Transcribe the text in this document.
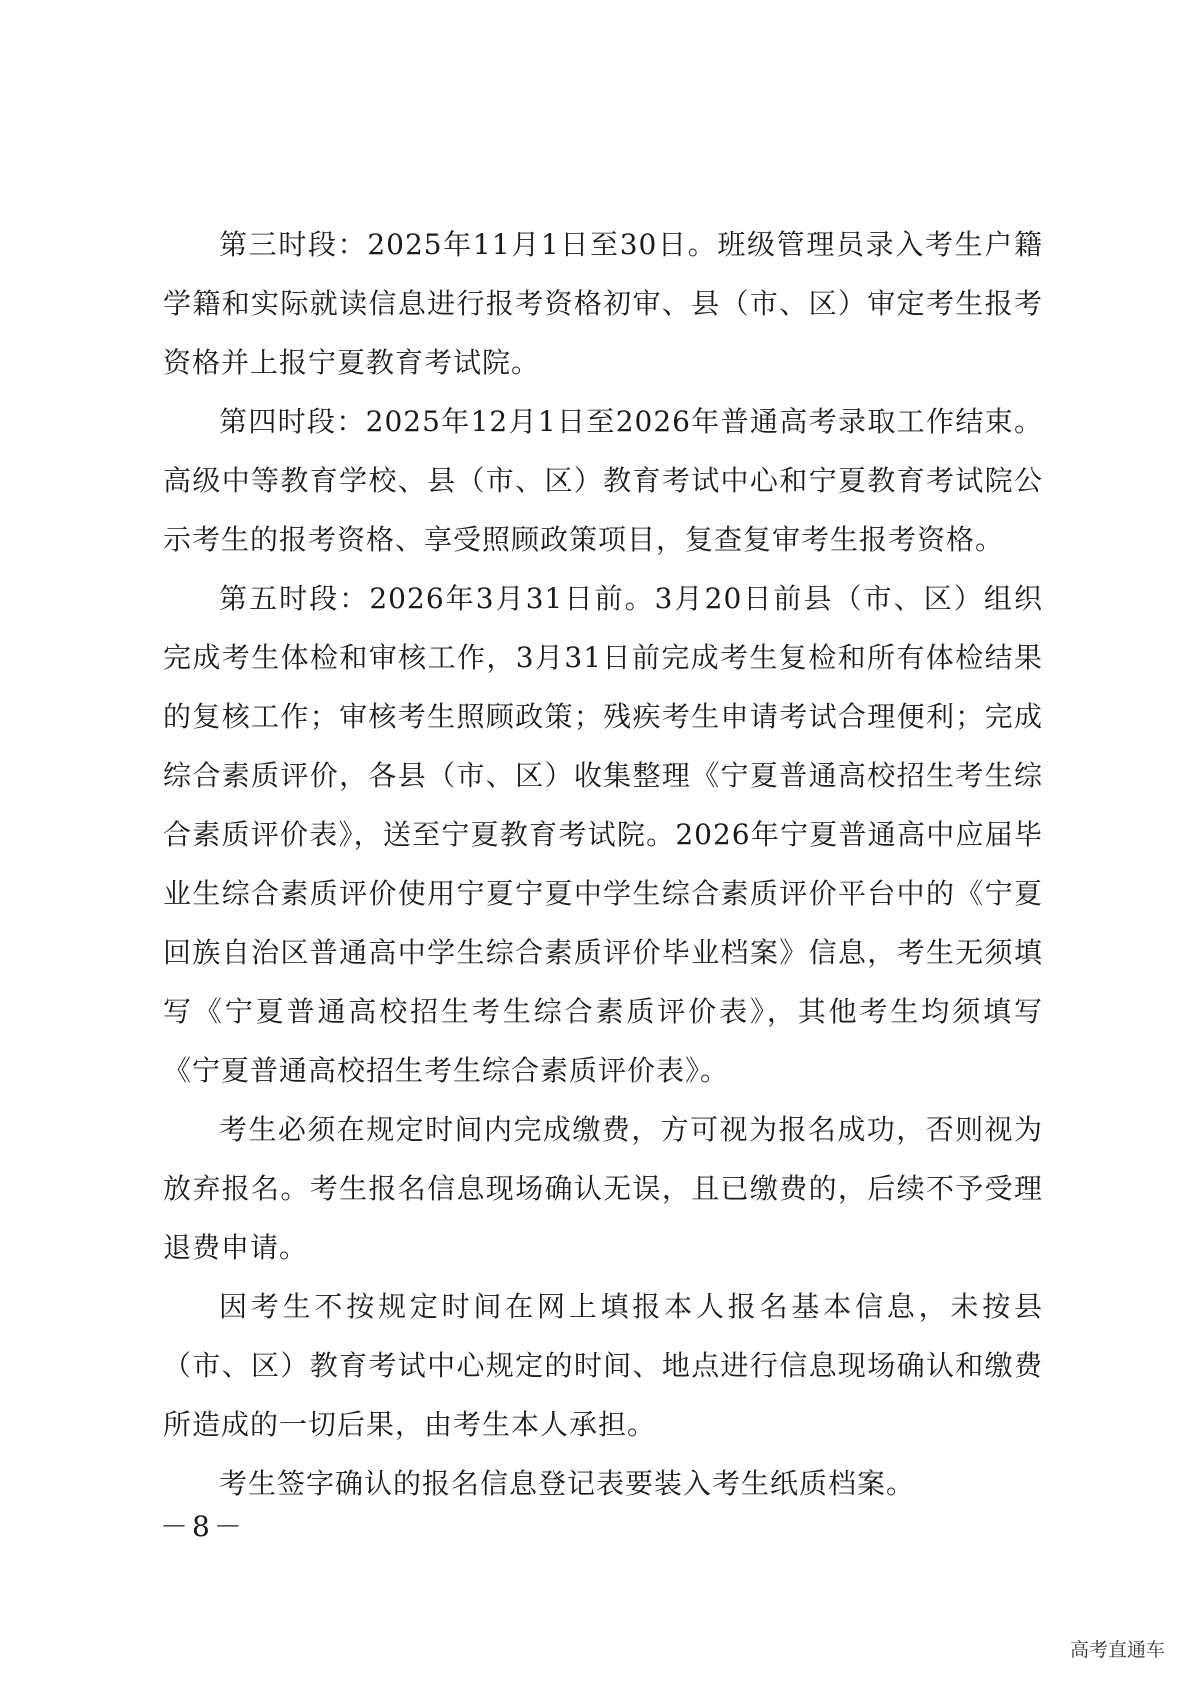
第三时段：2025年11月1日至30日。班级管理员录入考生户籍学籍和实际就读信息进行报考资格初审、县（市、区）审定考生报考资格并上报宁夏教育考试院。

第四时段：2025年12月1日至2026年普通高考录取工作结束。高级中等教育学校、县（市、区）教育考试中心和宁夏教育考试院公示考生的报考资格、享受照顾政策项目，复查复审考生报考资格。

第五时段：2026年3月31日前。3月20日前县（市、区）组织完成考生体检和审核工作，3月31日前完成考生复检和所有体检结果的复核工作；审核考生照顾政策；残疾考生申请考试合理便利；完成综合素质评价，各县（市、区）收集整理《宁夏普通高校招生考生综合素质评价表》，送至宁夏教育考试院。2026年宁夏普通高中应届毕业生综合素质评价使用宁夏宁夏中学生综合素质评价平台中的《宁夏回族自治区普通高中学生综合素质评价毕业档案》信息，考生无须填写《宁夏普通高校招生考生综合素质评价表》，其他考生均须填写《宁夏普通高校招生考生综合素质评价表》。

考生必须在规定时间内完成缴费，方可视为报名成功，否则视为放弃报名。考生报名信息现场确认无误，且已缴费的，后续不予受理退费申请。

因考生不按规定时间在网上填报本人报名基本信息，未按县（市、区）教育考试中心规定的时间、地点进行信息现场确认和缴费所造成的一切后果，由考生本人承担。

考生签字确认的报名信息登记表要装入考生纸质档案。

－8－
高考直通车
